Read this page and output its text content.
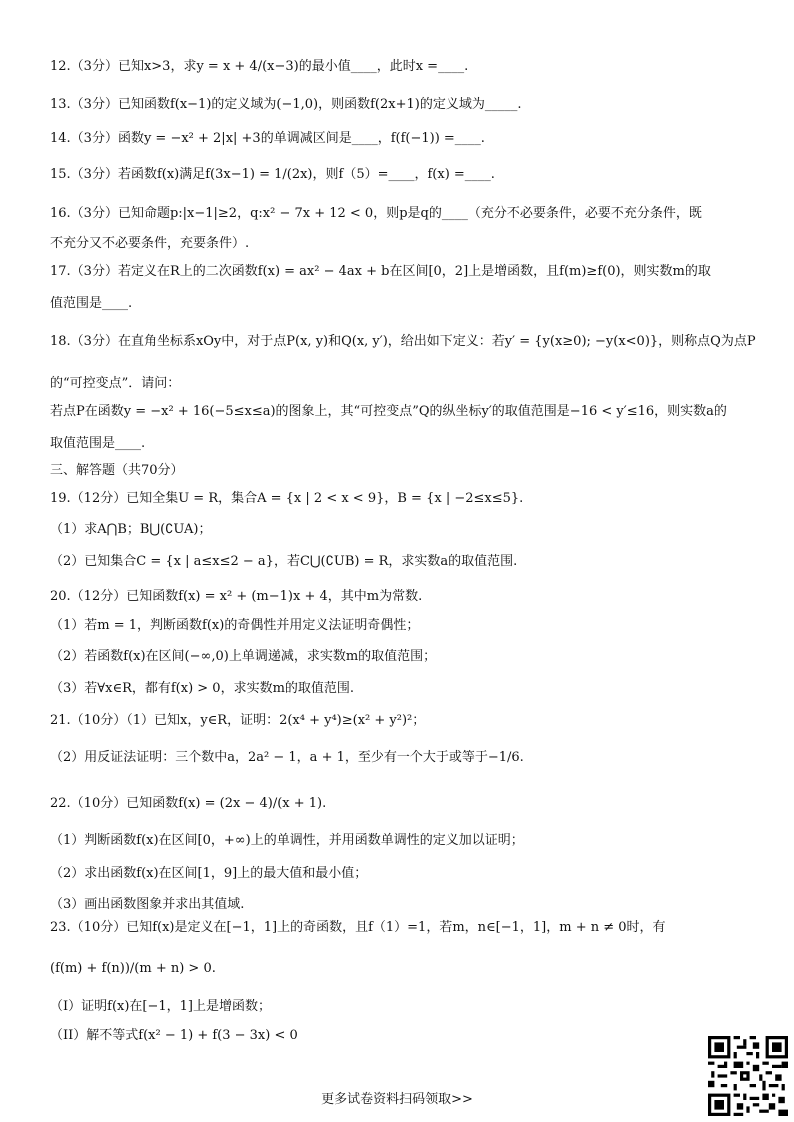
12.（3分）已知x>3，求y = x + 4/(x−3)的最小值____，此时x =____.
13.（3分）已知函数f(x−1)的定义域为(−1,0)，则函数f(2x+1)的定义域为_____.
14.（3分）函数y = −x² + 2|x| +3的单调减区间是____，f(f(−1)) =____.
15.（3分）若函数f(x)满足f(3x−1) = 1/(2x)，则f（5）=____，f(x) =____.
16.（3分）已知命题p:|x−1|≥2，q:x² − 7x + 12 < 0，则p是q的____（充分不必要条件，必要不充分条件，既
不充分又不必要条件，充要条件）.
17.（3分）若定义在R上的二次函数f(x) = ax² − 4ax + b在区间[0，2]上是增函数，且f(m)≥f(0)，则实数m的取
值范围是____.
18.（3分）在直角坐标系xOy中，对于点P(x, y)和Q(x, y′)，给出如下定义：若y′ = {y(x≥0); −y(x<0)}，则称点Q为点P
的“可控变点”．请问：
若点P在函数y = −x² + 16(−5≤x≤a)的图象上，其“可控变点”Q的纵坐标y′的取值范围是−16 < y′≤16，则实数a的
取值范围是____.
三、解答题（共70分）
19.（12分）已知全集U = R，集合A = {x | 2 < x < 9}，B = {x | −2≤x≤5}.
（1）求A⋂B；B⋃(∁UA)；
（2）已知集合C = {x | a≤x≤2 − a}，若C⋃(∁UB) = R，求实数a的取值范围.
20.（12分）已知函数f(x) = x² + (m−1)x + 4，其中m为常数.
（1）若m = 1，判断函数f(x)的奇偶性并用定义法证明奇偶性；
（2）若函数f(x)在区间(−∞,0)上单调递减，求实数m的取值范围；
（3）若∀x∈R，都有f(x) > 0，求实数m的取值范围.
21.（10分）（1）已知x，y∈R，证明：2(x⁴ + y⁴)≥(x² + y²)²；
（2）用反证法证明：三个数中a，2a² − 1，a + 1，至少有一个大于或等于−1/6.
22.（10分）已知函数f(x) = (2x − 4)/(x + 1).
（1）判断函数f(x)在区间[0，+∞)上的单调性，并用函数单调性的定义加以证明；
（2）求出函数f(x)在区间[1，9]上的最大值和最小值；
（3）画出函数图象并求出其值域.
23.（10分）已知f(x)是定义在[−1，1]上的奇函数，且f（1）=1，若m，n∈[−1，1]，m + n ≠ 0时，有
(f(m) + f(n))/(m + n) > 0.
（I）证明f(x)在[−1，1]上是增函数；
（II）解不等式f(x² − 1) + f(3 − 3x) < 0
更多试卷资料扫码领取>>
